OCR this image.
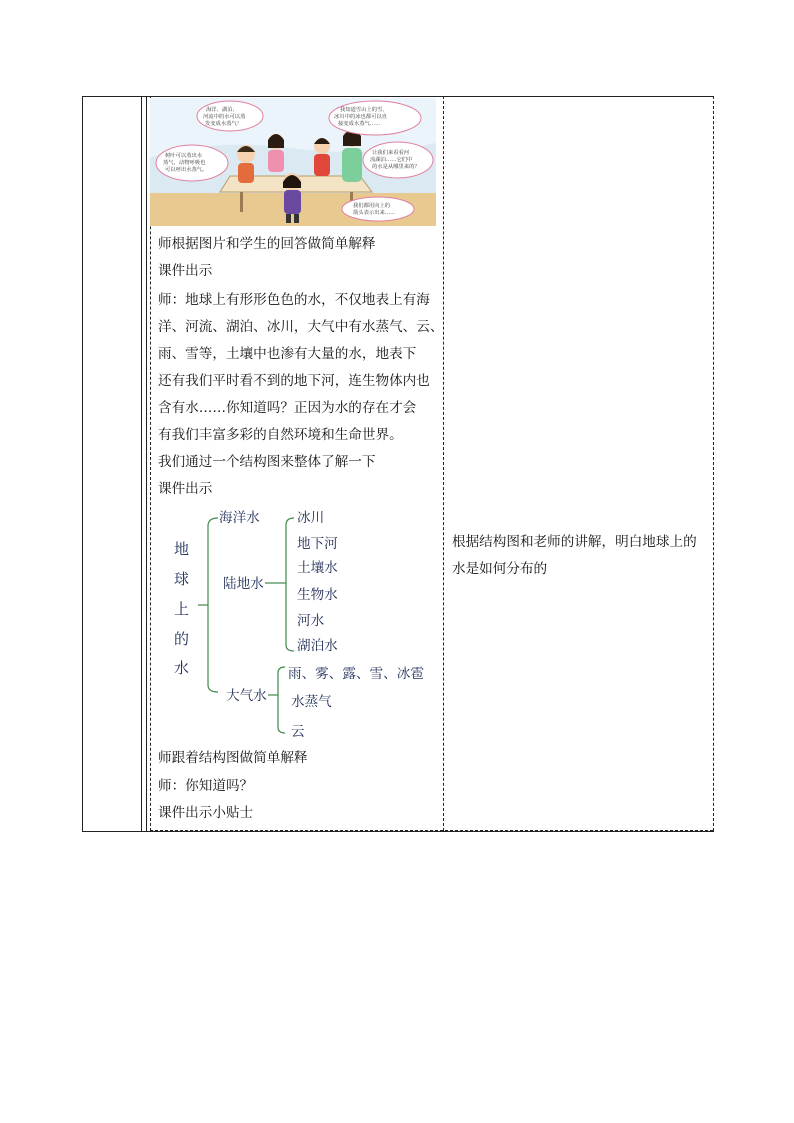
海洋、湖泊、
河流中的水可以蒸
发变成水蒸气！
我知道雪山上的雪、
冰川中的冰也都可以直
接变成水蒸气……
树叶可以蒸出水
蒸气，动物呼吸也
可以呼出水蒸气。
让我们来看看河
流湖泊……它们中
的水是从哪里来的？
我们都用向上的
箭头表示出来……
师根据图片和学生的回答做简单解释
课件出示
师：地球上有形形色色的水，不仅地表上有海
洋、河流、湖泊、冰川，大气中有水蒸气、云、
雨、雪等，土壤中也渗有大量的水，地表下
还有我们平时看不到的地下河，连生物体内也
含有水……你知道吗？正因为水的存在才会
有我们丰富多彩的自然环境和生命世界。
我们通过一个结构图来整体了解一下
课件出示
地
球
上
的
水
海洋水	冰川
陆地水
地下河
土壤水
生物水
河水
湖泊水
大气水
雨、雾、露、雪、冰雹
水蒸气
云
师跟着结构图做简单解释
师：你知道吗？
课件出示小贴士
根据结构图和老师的讲解，明白地球上的
水是如何分布的
